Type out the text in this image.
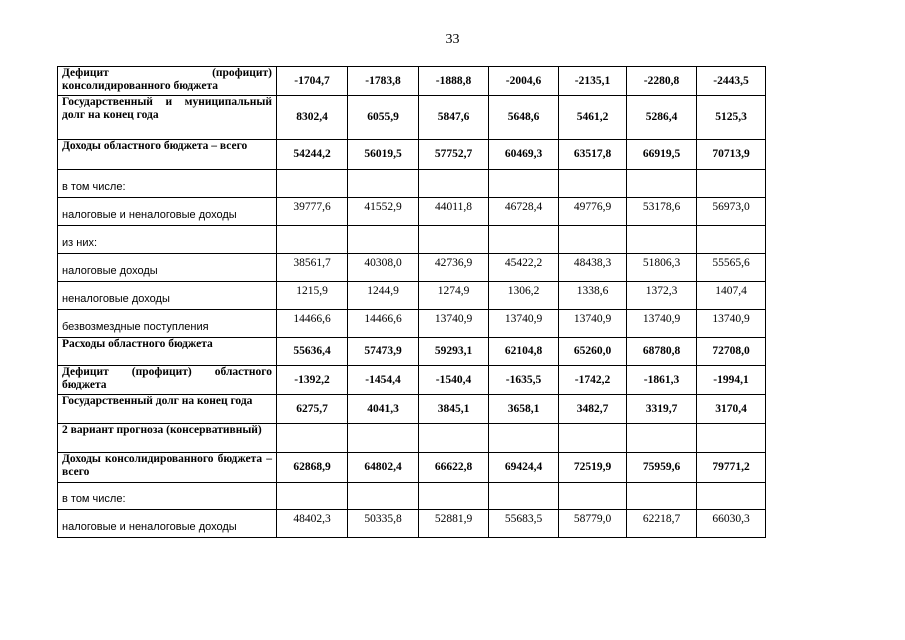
33
Дефицит (профицит) консолидированного бюджета	-1704,7	-1783,8	-1888,8	-2004,6	-2135,1	-2280,8	-2443,5
Государственный и муниципальный долг на конец года	8302,4	6055,9	5847,6	5648,6	5461,2	5286,4	5125,3
Доходы областного бюджета – всего	54244,2	56019,5	57752,7	60469,3	63517,8	66919,5	70713,9
в том числе:							
налоговые и неналоговые доходы	39777,6	41552,9	44011,8	46728,4	49776,9	53178,6	56973,0
из них:							
налоговые доходы	38561,7	40308,0	42736,9	45422,2	48438,3	51806,3	55565,6
неналоговые доходы	1215,9	1244,9	1274,9	1306,2	1338,6	1372,3	1407,4
безвозмездные поступления	14466,6	14466,6	13740,9	13740,9	13740,9	13740,9	13740,9
Расходы областного бюджета	55636,4	57473,9	59293,1	62104,8	65260,0	68780,8	72708,0
Дефицит (профицит) областного бюджета	-1392,2	-1454,4	-1540,4	-1635,5	-1742,2	-1861,3	-1994,1
Государственный долг на конец года	6275,7	4041,3	3845,1	3658,1	3482,7	3319,7	3170,4
2 вариант прогноза (консервативный)							
Доходы консолидированного бюджета – всего	62868,9	64802,4	66622,8	69424,4	72519,9	75959,6	79771,2
в том числе:							
налоговые и неналоговые доходы	48402,3	50335,8	52881,9	55683,5	58779,0	62218,7	66030,3
